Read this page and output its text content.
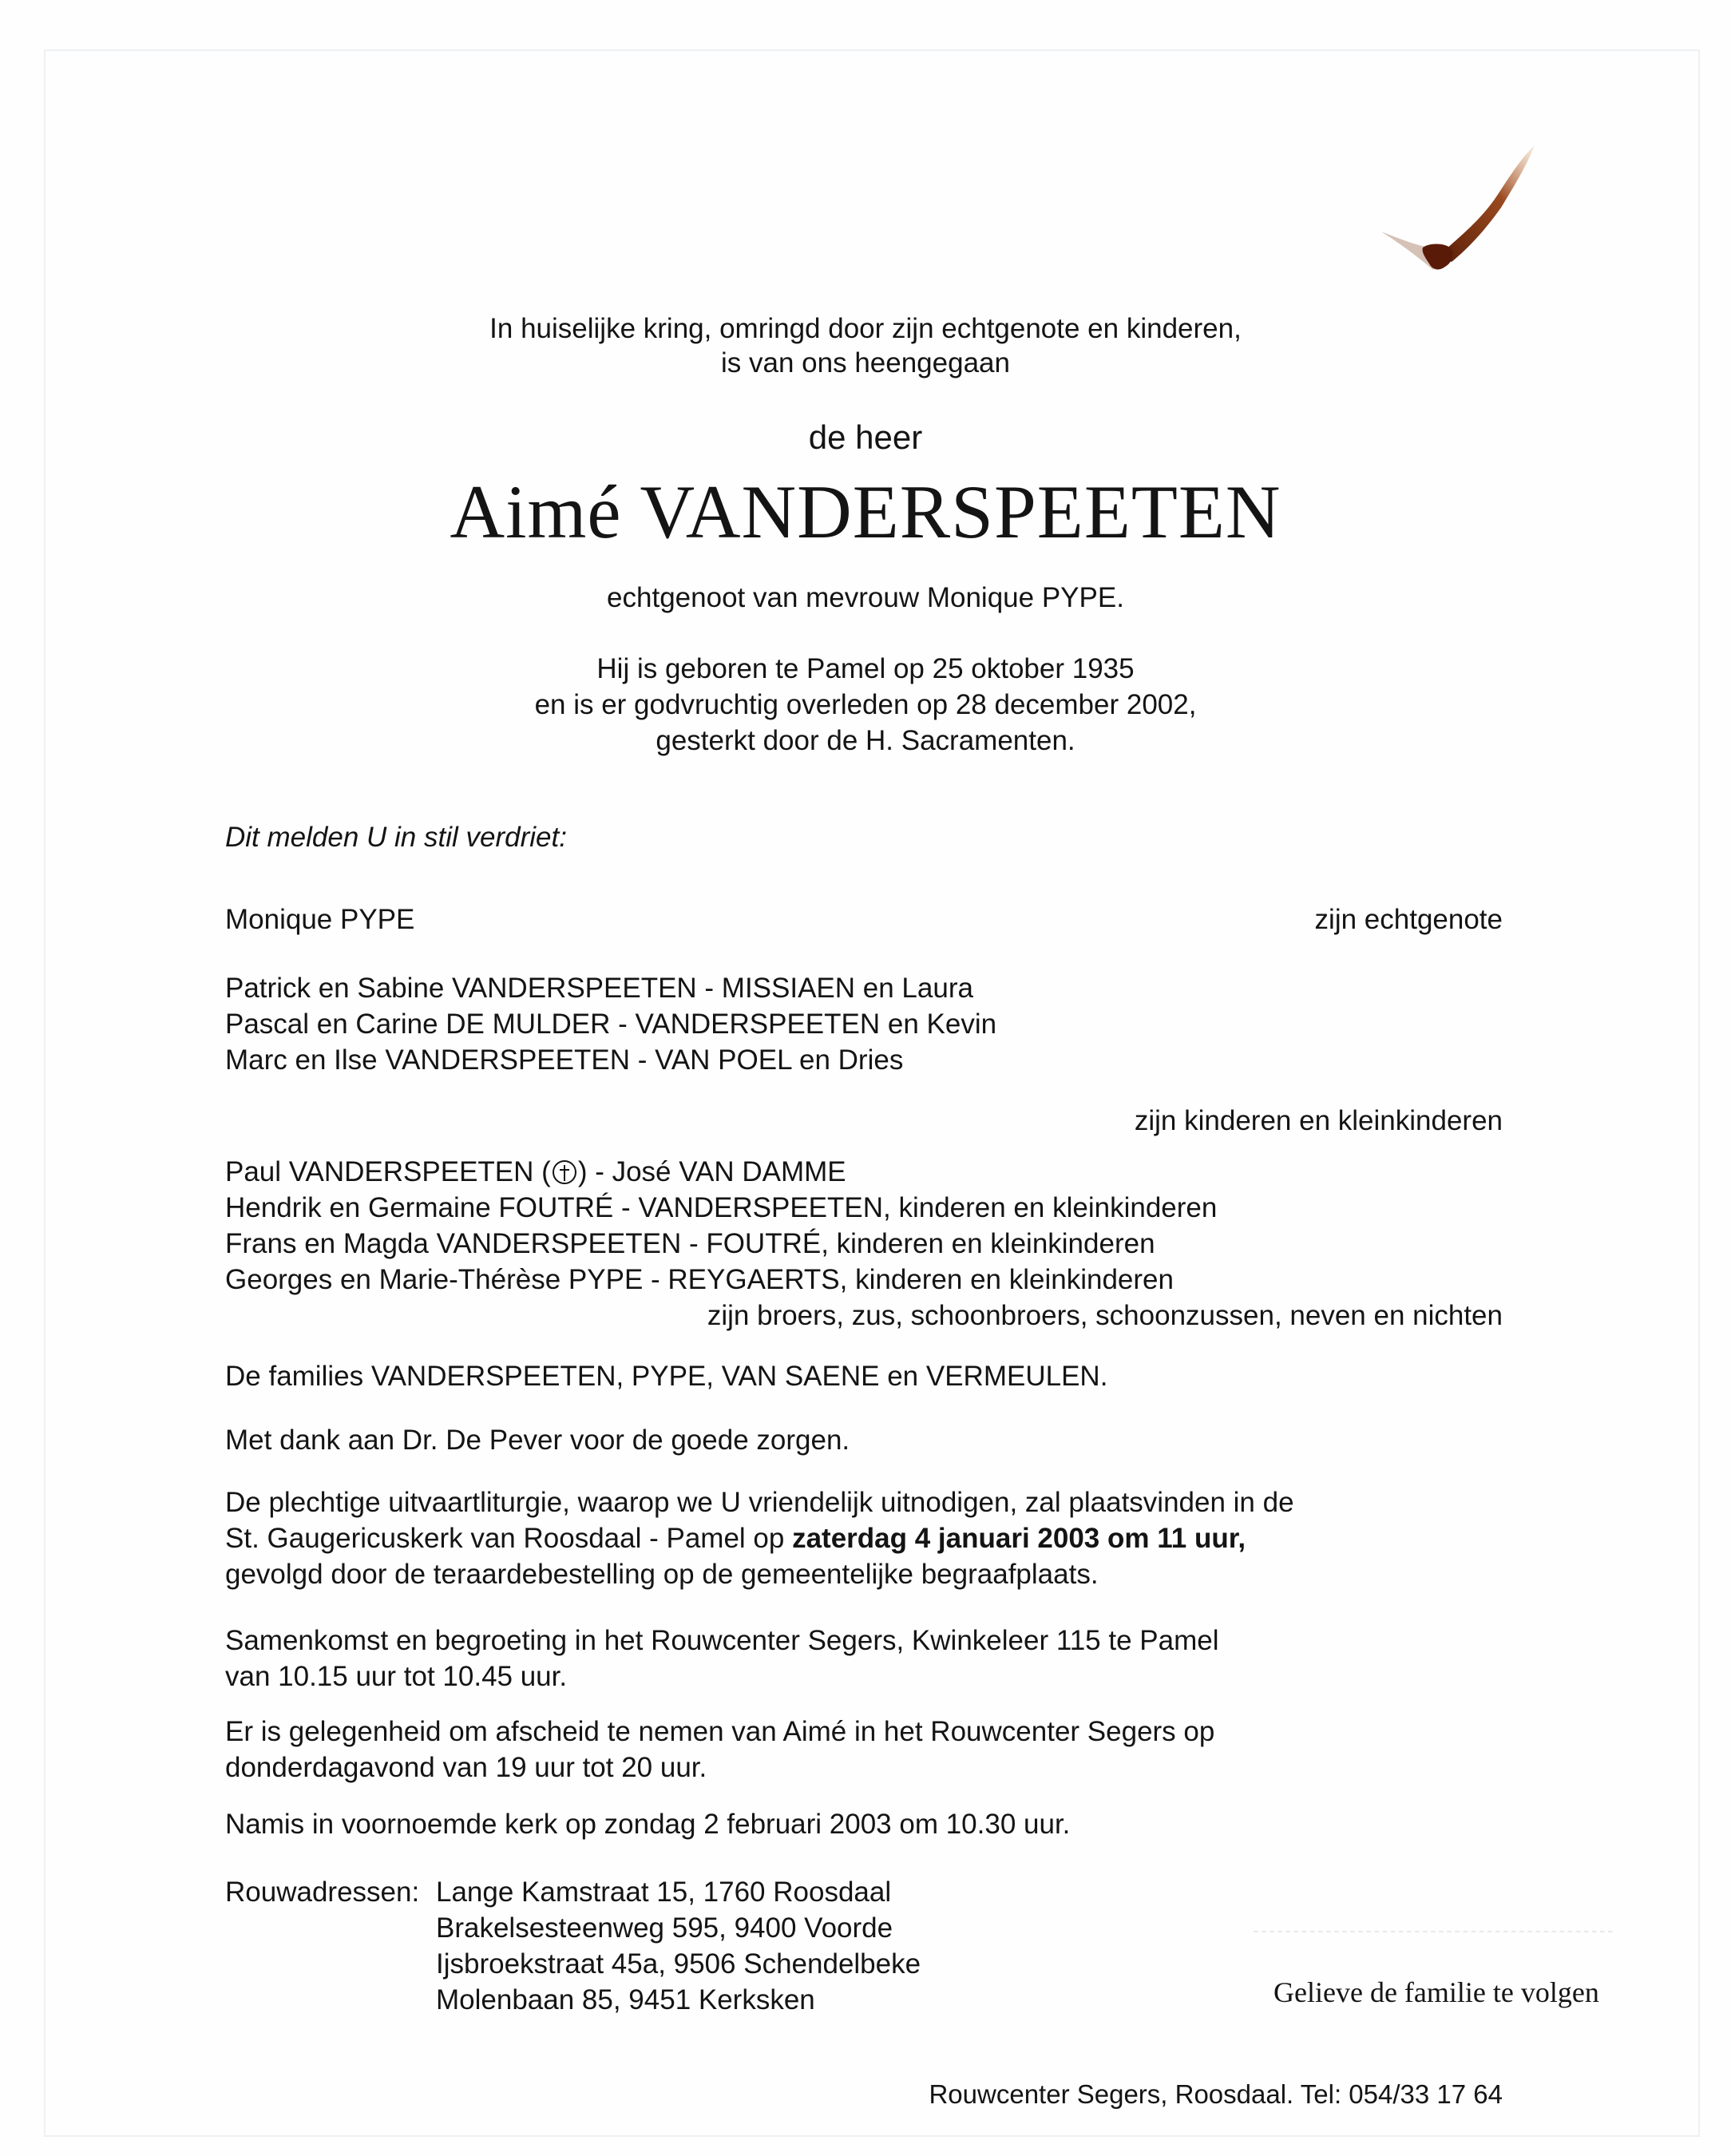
In huiselijke kring, omringd door zijn echtgenote en kinderen,

is van ons heengegaan

de heer

Aimé VANDERSPEETEN

echtgenoot van mevrouw Monique PYPE.

Hij is geboren te Pamel op 25 oktober 1935

en is er godvruchtig overleden op 28 december 2002,

gesterkt door de H. Sacramenten.

Dit melden U in stil verdriet:

Monique PYPE	zijn echtgenote

Patrick en Sabine VANDERSPEETEN - MISSIAEN en Laura

Pascal en Carine DE MULDER - VANDERSPEETEN en Kevin

Marc en Ilse VANDERSPEETEN - VAN POEL en Dries

zijn kinderen en kleinkinderen

Paul VANDERSPEETEN ( ) - José VAN DAMME

Hendrik en Germaine FOUTRÉ - VANDERSPEETEN, kinderen en kleinkinderen

Frans en Magda VANDERSPEETEN - FOUTRÉ, kinderen en kleinkinderen

Georges en Marie-Thérèse PYPE - REYGAERTS, kinderen en kleinkinderen

zijn broers, zus, schoonbroers, schoonzussen, neven en nichten

De families VANDERSPEETEN, PYPE, VAN SAENE en VERMEULEN.

Met dank aan Dr. De Pever voor de goede zorgen.

De plechtige uitvaartliturgie, waarop we U vriendelijk uitnodigen, zal plaatsvinden in de

St. Gaugericuskerk van Roosdaal - Pamel op zaterdag 4 januari 2003 om 11 uur,

gevolgd door de teraardebestelling op de gemeentelijke begraafplaats.

Samenkomst en begroeting in het Rouwcenter Segers, Kwinkeleer 115 te Pamel

van 10.15 uur tot 10.45 uur.

Er is gelegenheid om afscheid te nemen van Aimé in het Rouwcenter Segers op

donderdagavond van 19 uur tot 20 uur.

Namis in voornoemde kerk op zondag 2 februari 2003 om 10.30 uur.

Rouwadressen: Lange Kamstraat 15, 1760 Roosdaal

Brakelsesteenweg 595, 9400 Voorde

Ijsbroekstraat 45a, 9506 Schendelbeke

Molenbaan 85, 9451 Kerksken	Gelieve de familie te volgen

Rouwcenter Segers, Roosdaal. Tel: 054/33 17 64
